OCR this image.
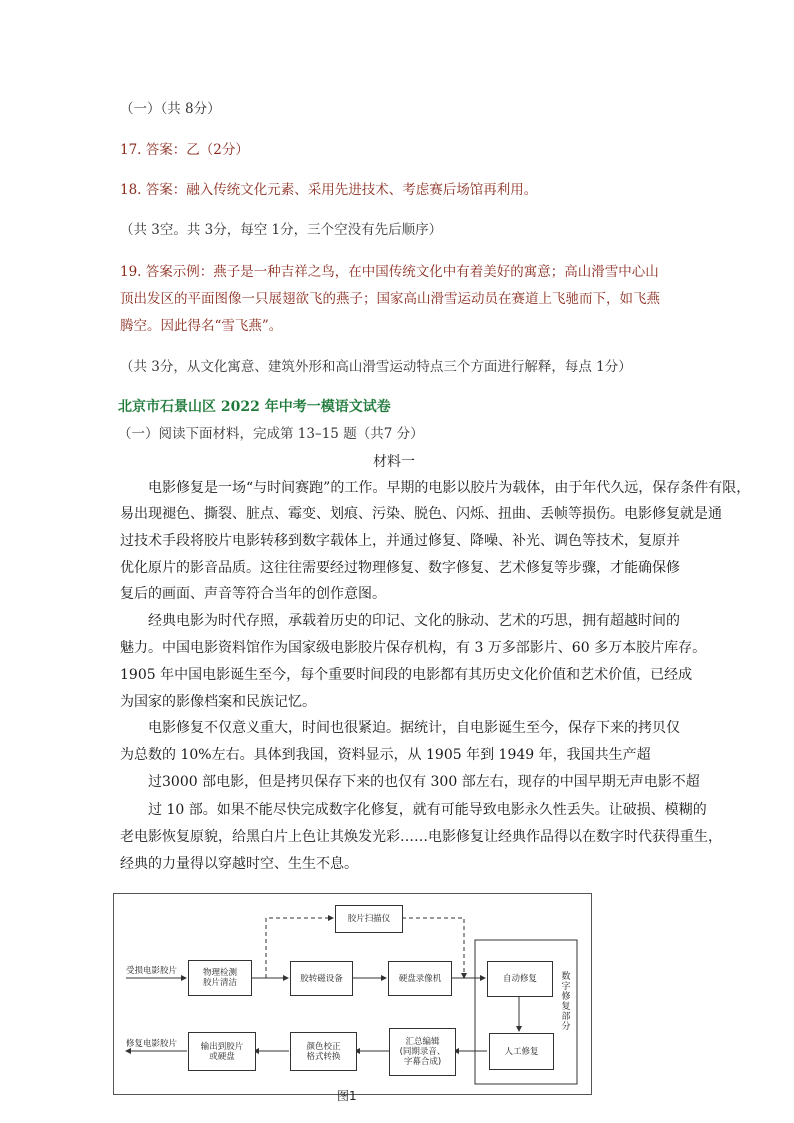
（一）（共 8分）
17. 答案：乙（2分）
18. 答案：融入传统文化元素、采用先进技术、考虑赛后场馆再利用。
（共 3空。共 3分，每空 1分，三个空没有先后顺序）
19. 答案示例：燕子是一种吉祥之鸟，在中国传统文化中有着美好的寓意；高山滑雪中心山
顶出发区的平面图像一只展翅欲飞的燕子；国家高山滑雪运动员在赛道上飞驰而下，如飞燕
腾空。因此得名“雪飞燕”。
（共 3分，从文化寓意、建筑外形和高山滑雪运动特点三个方面进行解释，每点 1分）
北京市石景山区 2022 年中考一模语文试卷
（一）阅读下面材料，完成第 13–15 题（共7 分）
材料一
电影修复是一场“与时间赛跑”的工作。早期的电影以胶片为载体，由于年代久远，保存条件有限，
易出现褪色、撕裂、脏点、霉变、划痕、污染、脱色、闪烁、扭曲、丢帧等损伤。电影修复就是通
过技术手段将胶片电影转移到数字载体上，并通过修复、降噪、补光、调色等技术，复原并
优化原片的影音品质。这往往需要经过物理修复、数字修复、艺术修复等步骤，才能确保修
复后的画面、声音等符合当年的创作意图。
经典电影为时代存照，承载着历史的印记、文化的脉动、艺术的巧思，拥有超越时间的
魅力。中国电影资料馆作为国家级电影胶片保存机构，有 3 万多部影片、60 多万本胶片库存。
1905 年中国电影诞生至今，每个重要时间段的电影都有其历史文化价值和艺术价值，已经成
为国家的影像档案和民族记忆。
电影修复不仅意义重大，时间也很紧迫。据统计，自电影诞生至今，保存下来的拷贝仅
为总数的 10%左右。具体到我国，资料显示，从 1905 年到 1949 年，我国共生产超
过3000 部电影，但是拷贝保存下来的也仅有 300 部左右，现存的中国早期无声电影不超
过 10 部。如果不能尽快完成数字化修复，就有可能导致电影永久性丢失。让破损、模糊的
老电影恢复原貌，给黑白片上色让其焕发光彩……电影修复让经典作品得以在数字时代获得重生，
经典的力量得以穿越时空、生生不息。
受损电影胶片
修复电影胶片
物理检测
胶片清洁
胶片扫描仪
胶转磁设备	硬盘录像机	自动修复
人工修复
汇总编辑
(同期录音、
字幕合成)
颜色校正
格式转换
输出到胶片
或硬盘
数
字
修
复
部
分
图1
